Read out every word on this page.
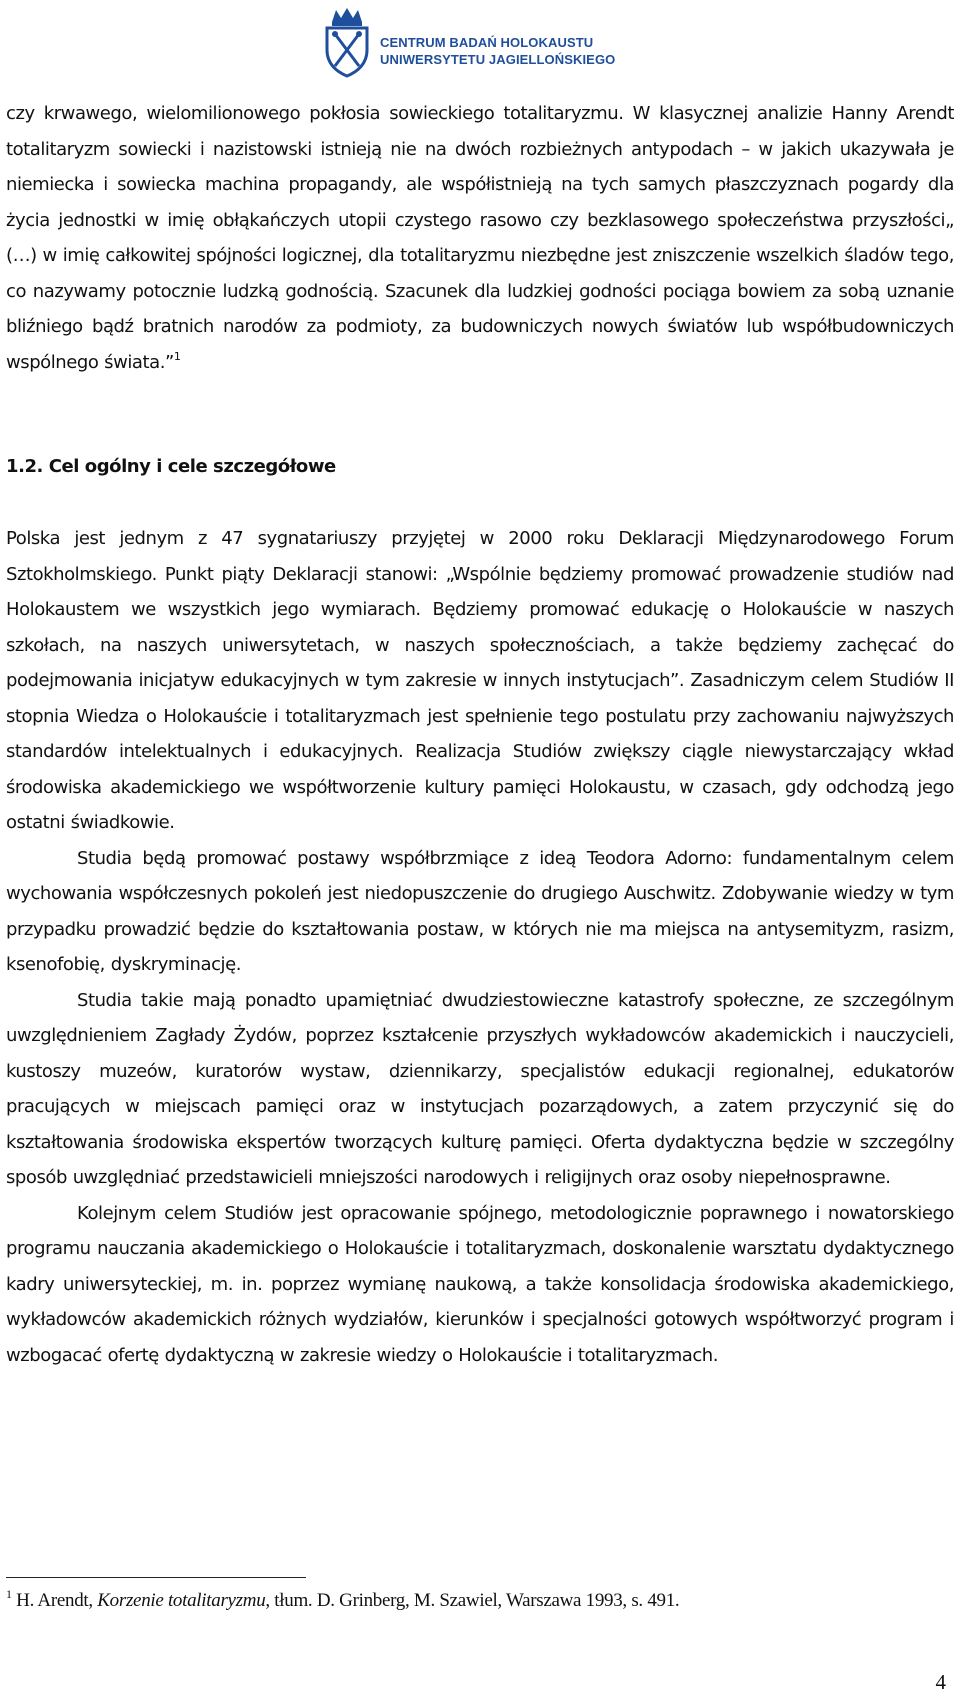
CENTRUM BADAŃ HOLOKAUSTU
UNIWERSYTETU JAGIELLOŃSKIEGO

czy krwawego, wielomilionowego pokłosia sowieckiego totalitaryzmu. W klasycznej analizie Hanny Arendt totalitaryzm sowiecki i nazistowski istnieją nie na dwóch rozbieżnych antypodach – w jakich ukazywała je niemiecka i sowiecka machina propagandy, ale współistnieją na tych samych płaszczyznach pogardy dla życia jednostki w imię obłąkańczych utopii czystego rasowo czy bezklasowego społeczeństwa przyszłości„ (…) w imię całkowitej spójności logicznej, dla totalitaryzmu niezbędne jest zniszczenie wszelkich śladów tego, co nazywamy potocznie ludzką godnością. Szacunek dla ludzkiej godności pociąga bowiem za sobą uznanie bliźniego bądź bratnich narodów za podmioty, za budowniczych nowych światów lub współbudowniczych wspólnego świata.”$^1$

1.2. Cel ogólny i cele szczegółowe

Polska jest jednym z 47 sygnatariuszy przyjętej w 2000 roku Deklaracji Międzynarodowego Forum Sztokholmskiego. Punkt piąty Deklaracji stanowi: „Wspólnie będziemy promować prowadzenie studiów nad Holokaustem we wszystkich jego wymiarach. Będziemy promować edukację o Holokauście w naszych szkołach, na naszych uniwersytetach, w naszych społecznościach, a także będziemy zachęcać do podejmowania inicjatyw edukacyjnych w tym zakresie w innych instytucjach”. Zasadniczym celem Studiów II stopnia Wiedza o Holokauście i totalitaryzmach jest spełnienie tego postulatu przy zachowaniu najwyższych standardów intelektualnych i edukacyjnych. Realizacja Studiów zwiększy ciągle niewystarczający wkład środowiska akademickiego we współtworzenie kultury pamięci Holokaustu, w czasach, gdy odchodzą jego ostatni świadkowie.

Studia będą promować postawy współbrzmiące z ideą Teodora Adorno: fundamentalnym celem wychowania współczesnych pokoleń jest niedopuszczenie do drugiego Auschwitz. Zdobywanie wiedzy w tym przypadku prowadzić będzie do kształtowania postaw, w których nie ma miejsca na antysemityzm, rasizm, ksenofobię, dyskryminację.

Studia takie mają ponadto upamiętniać dwudziestowieczne katastrofy społeczne, ze szczególnym uwzględnieniem Zagłady Żydów, poprzez kształcenie przyszłych wykładowców akademickich i nauczycieli, kustoszy muzeów, kuratorów wystaw, dziennikarzy, specjalistów edukacji regionalnej, edukatorów pracujących w miejscach pamięci oraz w instytucjach pozarządowych, a zatem przyczynić się do kształtowania środowiska ekspertów tworzących kulturę pamięci. Oferta dydaktyczna będzie w szczególny sposób uwzględniać przedstawicieli mniejszości narodowych i religijnych oraz osoby niepełnosprawne.

Kolejnym celem Studiów jest opracowanie spójnego, metodologicznie poprawnego i nowatorskiego programu nauczania akademickiego o Holokauście i totalitaryzmach, doskonalenie warsztatu dydaktycznego kadry uniwersyteckiej, m. in. poprzez wymianę naukową, a także konsolidacja środowiska akademickiego, wykładowców akademickich różnych wydziałów, kierunków i specjalności gotowych współtworzyć program i wzbogacać ofertę dydaktyczną w zakresie wiedzy o Holokauście i totalitaryzmach.

$^1$ H. Arendt, Korzenie totalitaryzmu, tłum. D. Grinberg, M. Szawiel, Warszawa 1993, s. 491.
4
